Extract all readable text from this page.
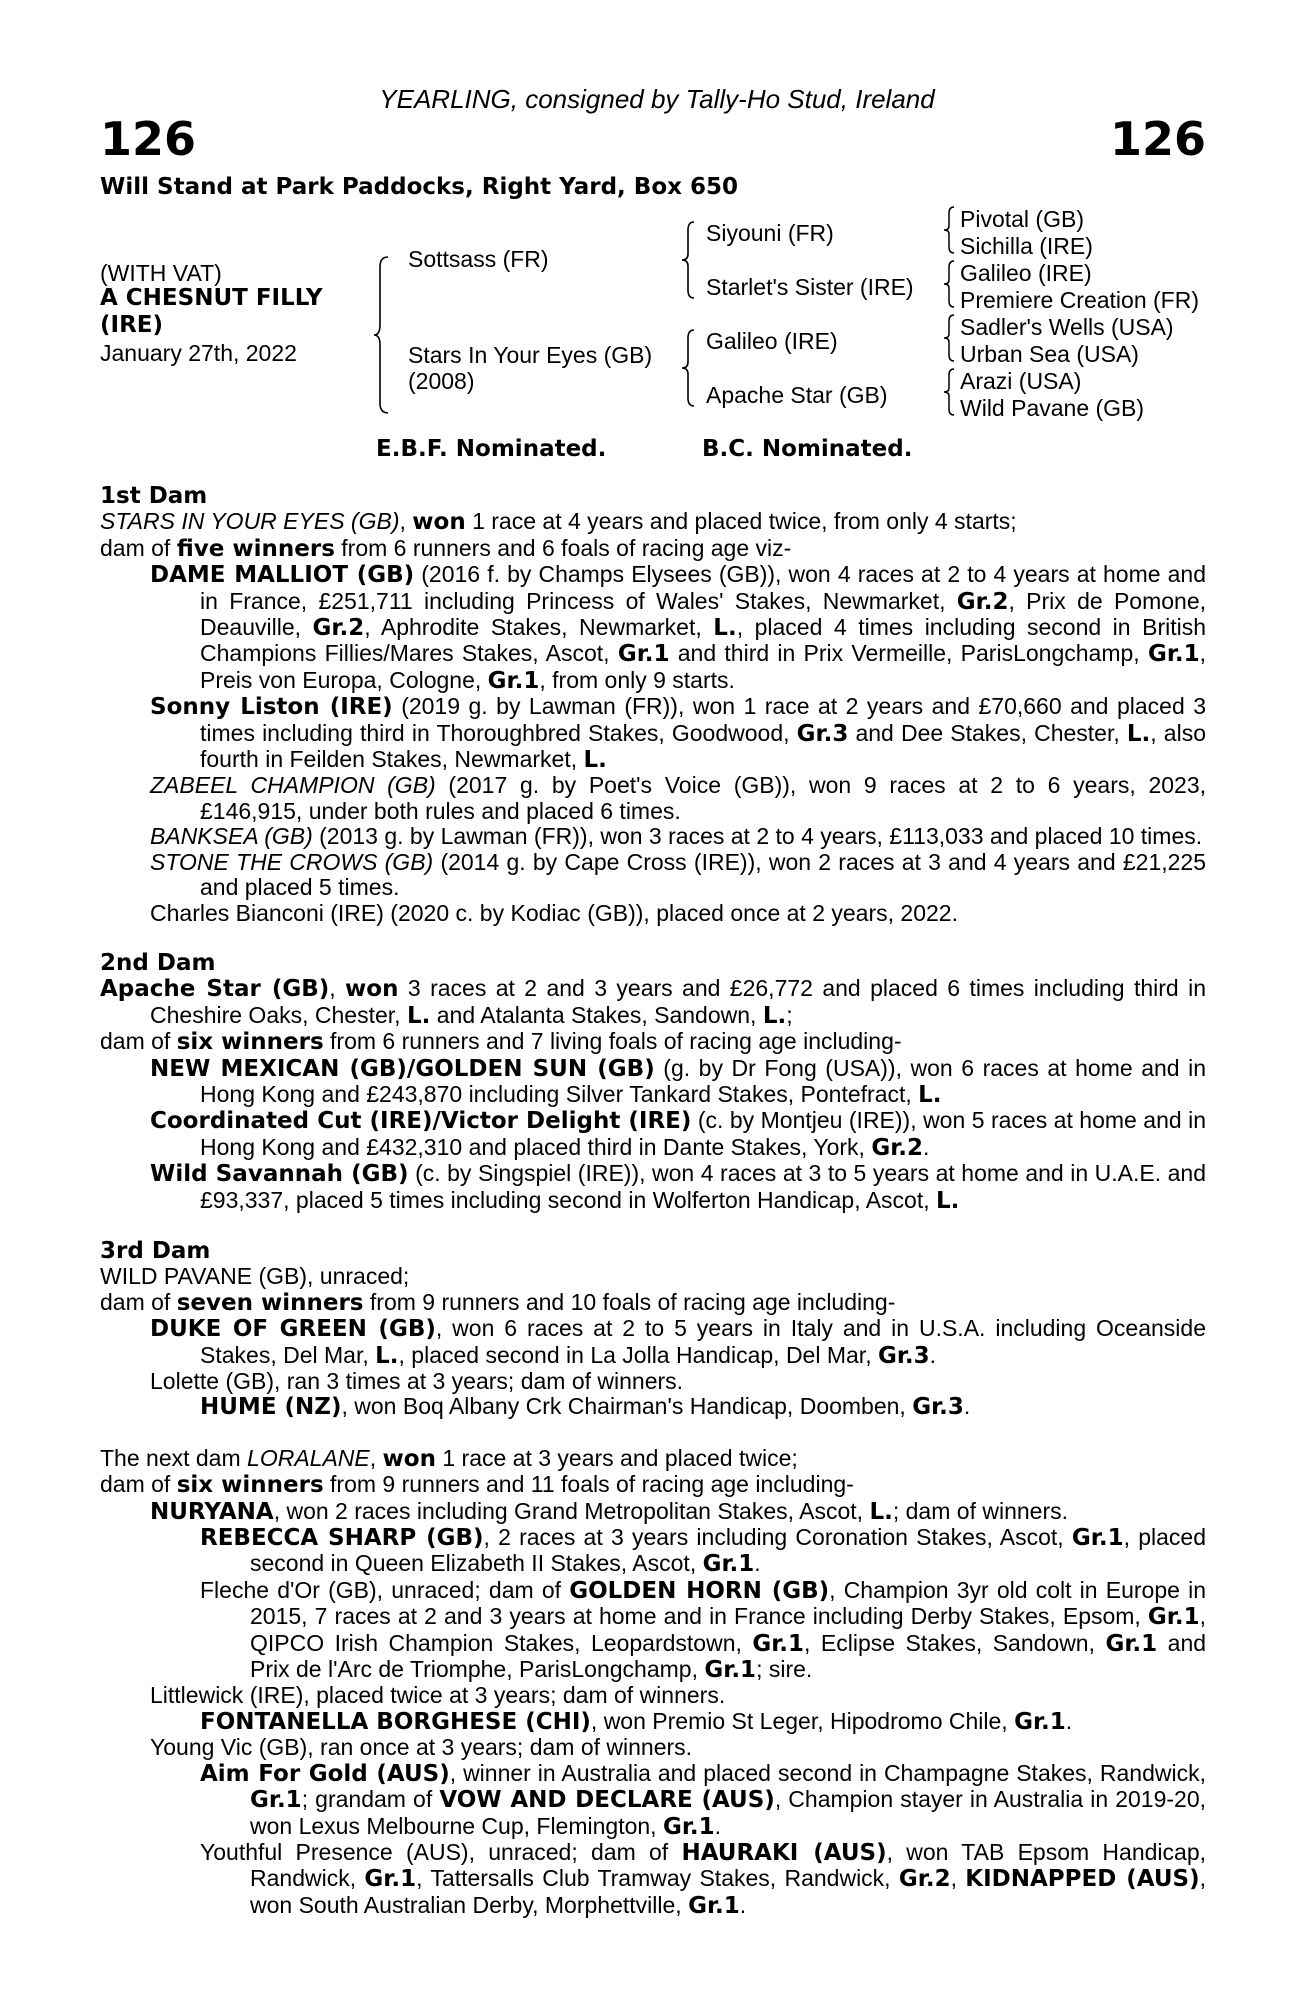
YEARLING, consigned by Tally-Ho Stud, Ireland
126	126
Will Stand at Park Paddocks, Right Yard, Box 650
(WITH VAT)
A CHESNUT FILLY
(IRE)
January 27th, 2022
Sottsass (FR)
Stars In Your Eyes (GB)
(2008)
Siyouni (FR)
Starlet's Sister (IRE)
Galileo (IRE)
Apache Star (GB)
Pivotal (GB)
Sichilla (IRE)
Galileo (IRE)
Premiere Creation (FR)
Sadler's Wells (USA)
Urban Sea (USA)
Arazi (USA)
Wild Pavane (GB)
E.B.F. Nominated.	B.C. Nominated.

1st Dam

STARS IN YOUR EYES (GB), won 1 race at 4 years and placed twice, from only 4 starts;

dam of five winners from 6 runners and 6 foals of racing age viz-

DAME MALLIOT (GB) (2016 f. by Champs Elysees (GB)), won 4 races at 2 to 4 years at home and in France, £251,711 including Princess of Wales' Stakes, Newmarket, Gr.2, Prix de Pomone, Deauville, Gr.2, Aphrodite Stakes, Newmarket, L., placed 4 times including second in British Champions Fillies/Mares Stakes, Ascot, Gr.1 and third in Prix Vermeille, ParisLongchamp, Gr.1, Preis von Europa, Cologne, Gr.1, from only 9 starts.

Sonny Liston (IRE) (2019 g. by Lawman (FR)), won 1 race at 2 years and £70,660 and placed 3 times including third in Thoroughbred Stakes, Goodwood, Gr.3 and Dee Stakes, Chester, L., also fourth in Feilden Stakes, Newmarket, L.

ZABEEL CHAMPION (GB) (2017 g. by Poet's Voice (GB)), won 9 races at 2 to 6 years, 2023, £146,915, under both rules and placed 6 times.

BANKSEA (GB) (2013 g. by Lawman (FR)), won 3 races at 2 to 4 years, £113,033 and placed 10 times.

STONE THE CROWS (GB) (2014 g. by Cape Cross (IRE)), won 2 races at 3 and 4 years and £21,225 and placed 5 times.

Charles Bianconi (IRE) (2020 c. by Kodiac (GB)), placed once at 2 years, 2022.

2nd Dam

Apache Star (GB), won 3 races at 2 and 3 years and £26,772 and placed 6 times including third in Cheshire Oaks, Chester, L. and Atalanta Stakes, Sandown, L.;

dam of six winners from 6 runners and 7 living foals of racing age including-

NEW MEXICAN (GB)/GOLDEN SUN (GB) (g. by Dr Fong (USA)), won 6 races at home and in Hong Kong and £243,870 including Silver Tankard Stakes, Pontefract, L.

Coordinated Cut (IRE)/Victor Delight (IRE) (c. by Montjeu (IRE)), won 5 races at home and in Hong Kong and £432,310 and placed third in Dante Stakes, York, Gr.2.

Wild Savannah (GB) (c. by Singspiel (IRE)), won 4 races at 3 to 5 years at home and in U.A.E. and £93,337, placed 5 times including second in Wolferton Handicap, Ascot, L.

3rd Dam

WILD PAVANE (GB), unraced;

dam of seven winners from 9 runners and 10 foals of racing age including-

DUKE OF GREEN (GB), won 6 races at 2 to 5 years in Italy and in U.S.A. including Oceanside Stakes, Del Mar, L., placed second in La Jolla Handicap, Del Mar, Gr.3.

Lolette (GB), ran 3 times at 3 years; dam of winners.

HUME (NZ), won Boq Albany Crk Chairman's Handicap, Doomben, Gr.3.

The next dam LORALANE, won 1 race at 3 years and placed twice;

dam of six winners from 9 runners and 11 foals of racing age including-

NURYANA, won 2 races including Grand Metropolitan Stakes, Ascot, L.; dam of winners.

REBECCA SHARP (GB), 2 races at 3 years including Coronation Stakes, Ascot, Gr.1, placed second in Queen Elizabeth II Stakes, Ascot, Gr.1.

Fleche d'Or (GB), unraced; dam of GOLDEN HORN (GB), Champion 3yr old colt in Europe in 2015, 7 races at 2 and 3 years at home and in France including Derby Stakes, Epsom, Gr.1, QIPCO Irish Champion Stakes, Leopardstown, Gr.1, Eclipse Stakes, Sandown, Gr.1 and Prix de l'Arc de Triomphe, ParisLongchamp, Gr.1; sire.

Littlewick (IRE), placed twice at 3 years; dam of winners.

FONTANELLA BORGHESE (CHI), won Premio St Leger, Hipodromo Chile, Gr.1.

Young Vic (GB), ran once at 3 years; dam of winners.

Aim For Gold (AUS), winner in Australia and placed second in Champagne Stakes, Randwick, Gr.1; grandam of VOW AND DECLARE (AUS), Champion stayer in Australia in 2019-20, won Lexus Melbourne Cup, Flemington, Gr.1.

Youthful Presence (AUS), unraced; dam of HAURAKI (AUS), won TAB Epsom Handicap, Randwick, Gr.1, Tattersalls Club Tramway Stakes, Randwick, Gr.2, KIDNAPPED (AUS), won South Australian Derby, Morphettville, Gr.1.
